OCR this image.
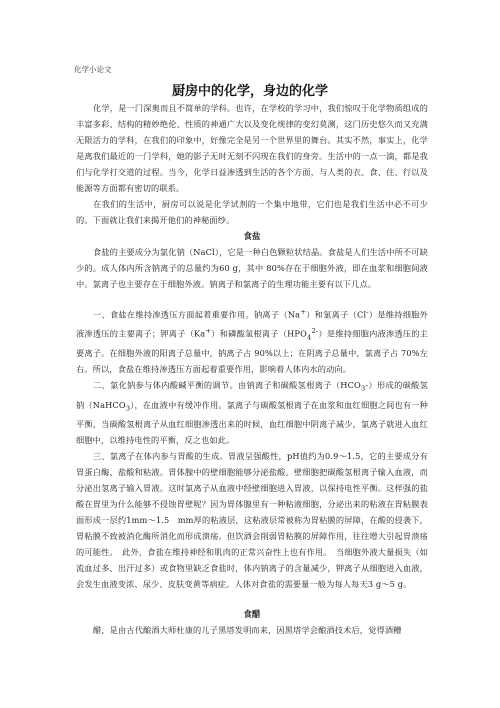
化学小论文
厨房中的化学，身边的化学

化学，是一门深奥而且不简单的学科。也许，在学校的学习中，我们惊叹于化学物质组成的丰富多彩、结构的精妙绝伦、性质的神通广大以及变化规律的变幻莫测，这门历史悠久而又充满无限活力的学科，在我们的印象中，好像完全是另一个世界里的舞台。其实不然，事实上，化学是离我们最近的一门学科，她的影子无时无刻不闪现在我们的身旁。生活中的一点一滴，都是我们与化学打交道的过程。当今，化学日益渗透到生活的各个方面，与人类的衣、食、住、行以及能源等方面都有密切的联系。

在我们的生活中，厨房可以说是化学试剂的一个集中地带，它们也是我们生活中必不可少的。下面就让我们来揭开他们的神秘面纱。

食盐

食盐的主要成分为氯化钠（NaCl），它是一种白色颗粒状结晶。食盐是人们生活中所不可缺少的。成人体内所含钠离子的总量约为60 g，其中 80%存在于细胞外液，即在血浆和细胞间液中。氯离子也主要存在于细胞外液。钠离子和氯离子的生理功能主要有以下几点。

一、食盐在维持渗透压方面起着重要作用。钠离子（Na+）和氯离子（Cl-）是维持细胞外液渗透压的主要离子；钾离子（Ka+）和磷酸氢根离子$(HPO_4^{2-})$是维持细胞内液渗透压的主要离子。在细胞外液的阳离子总量中，钠离子占 90%以上；在阴离子总量中，氯离子占 70%左右。所以，食盐在维持渗透压方面起着重要作用，影响着人体内水的动向。

二、氯化钠参与体内酸碱平衡的调节。由钠离子和碳酸氢根离子$(HCO_3-)$形成的碳酸氢钠（NaHCO$_3$），在血液中有缓冲作用。氯离子与碳酸氢根离子在血浆和血红细胞之间也有一种平衡，当碳酸氢根离子从血红细胞渗透出来的时候，血红细胞中阴离子减少，氯离子就进入血红细胞中，以维持电性的平衡，反之也如此。

三、氯离子在体内参与胃酸的生成。胃液呈强酸性，pH值约为0.9～1.5，它的主要成分有胃蛋白酶、盐酸和粘液。胃体腺中的壁细胞能够分泌盐酸。壁细胞把碳酸氢根离子输入血液，而分泌出氢离子输入胃液。这时氯离子从血液中经壁细胞进入胃液，以保持电性平衡。这样强的盐酸在胃里为什么能够不侵蚀胃壁呢？因为胃体腺里有一种粘液细胞，分泌出来的粘液在胃粘膜表面形成一层约1mm～1.5　mm厚的粘液层，这粘液层常被称为胃粘膜的屏障，在酸的侵袭下，胃粘膜不致被消化酶所消化而形成溃疡。但饮酒会削弱胃粘膜的屏障作用，往往增大引起胃溃疡的可能性。　此外，食盐在维持神经和肌肉的正常兴奋性上也有作用。　当细胞外液大量损失（如流血过多、出汗过多）或食物里缺乏食盐时，体内钠离子的含量减少，钾离子从细胞进入血液，会发生血液变浓、尿少、皮肤变黄等病症。人体对食盐的需要量一般为每人每天3 g～5 g。

食醋

醋，是由古代酿酒大师杜康的儿子黑塔发明而来，因黑塔学会酿酒技术后，觉得酒糟
